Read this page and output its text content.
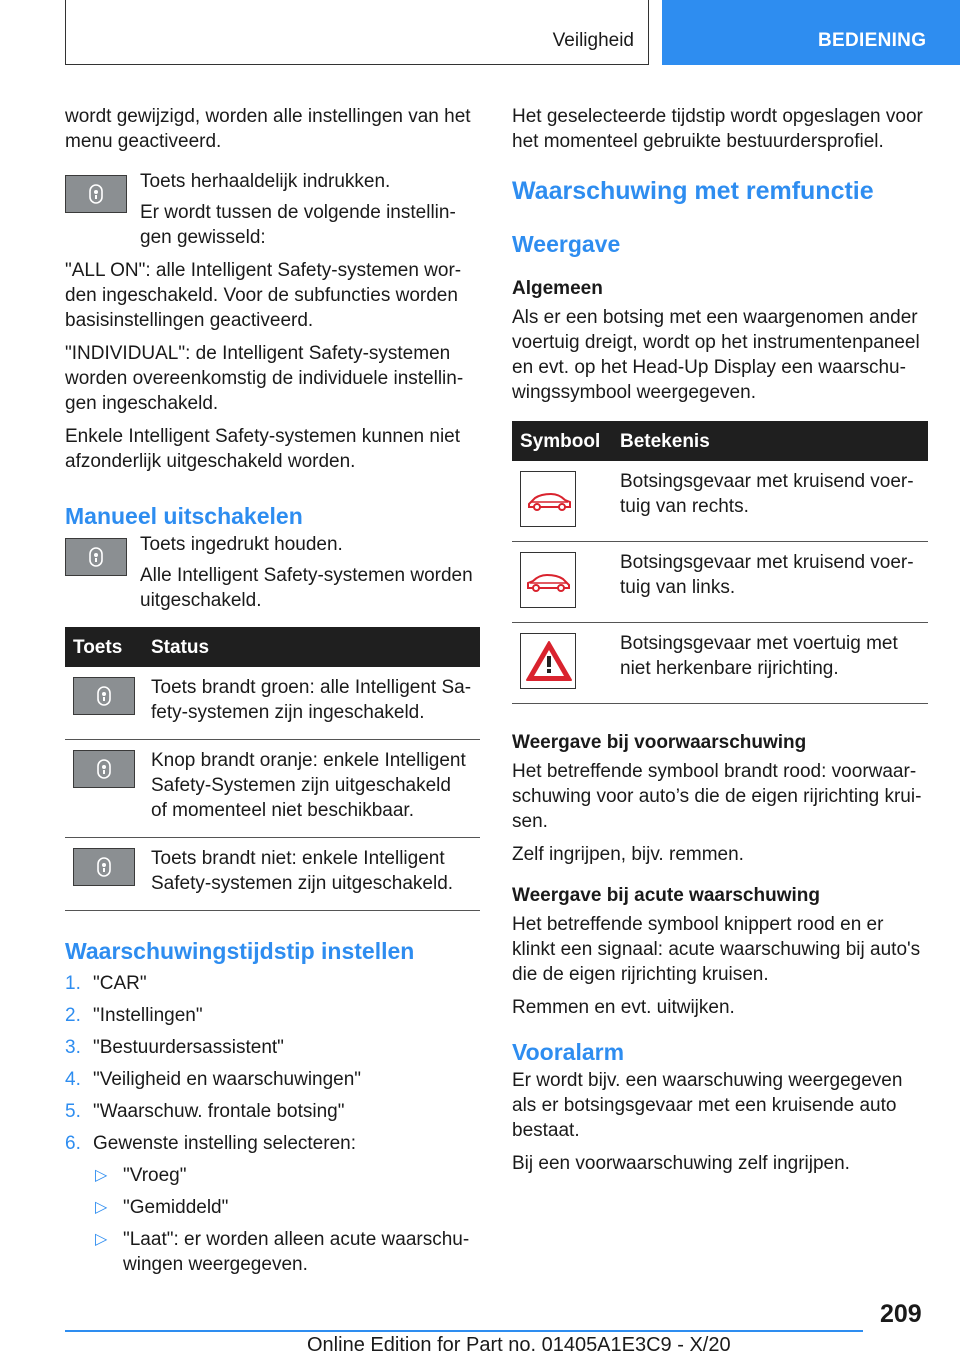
Veiligheid	BEDIENING

wordt gewijzigd, worden alle instellingen van het menu geactiveerd.

Toets herhaaldelijk indrukken.

Er wordt tussen de volgende instellingen gewisseld:

"ALL ON": alle Intelligent Safety-systemen worden ingeschakeld. Voor de subfuncties worden basisinstellingen geactiveerd.

"INDIVIDUAL": de Intelligent Safety-systemen worden overeenkomstig de individuele instellingen ingeschakeld.

Enkele Intelligent Safety-systemen kunnen niet afzonderlijk uitgeschakeld worden.

Manueel uitschakelen

Toets ingedrukt houden.

Alle Intelligent Safety-systemen worden uitgeschakeld.

Toets	Status

	Toets brandt groen: alle Intelligent Safety-systemen zijn ingeschakeld.

	Knop brandt oranje: enkele Intelligent Safety-Systemen zijn uitgeschakeld of momenteel niet beschikbaar.

	Toets brandt niet: enkele Intelligent Safety-systemen zijn uitgeschakeld.
Waarschuwingstijdstip instellen
1. "CAR"
2. "Instellingen"
3. "Bestuurdersassistent"
4. "Veiligheid en waarschuwingen"
5. "Waarschuw. frontale botsing"
6. Gewenste instelling selecteren:
▷ "Vroeg"
▷ "Gemiddeld"
▷ "Laat": er worden alleen acute waarschuwingen weergegeven.

Het geselecteerde tijdstip wordt opgeslagen voor het momenteel gebruikte bestuurdersprofiel.

Waarschuwing met remfunctie
Weergave
Algemeen

Als er een botsing met een waargenomen ander voertuig dreigt, wordt op het instrumentenpaneel en evt. op het Head-Up Display een waarschuwingssymbool weergegeven.

Symbool	Betekenis

	Botsingsgevaar met kruisend voertuig van rechts.

	Botsingsgevaar met kruisend voertuig van links.

	Botsingsgevaar met voertuig met niet herkenbare rijrichting.
Weergave bij voorwaarschuwing

Het betreffende symbool brandt rood: voorwaarschuwing voor auto’s die de eigen rijrichting kruisen.

Zelf ingrijpen, bijv. remmen.

Weergave bij acute waarschuwing

Het betreffende symbool knippert rood en er klinkt een signaal: acute waarschuwing bij auto's die de eigen rijrichting kruisen.

Remmen en evt. uitwijken.

Vooralarm

Er wordt bijv. een waarschuwing weergegeven als er botsingsgevaar met een kruisende auto bestaat.

Bij een voorwaarschuwing zelf ingrijpen.

209
Online Edition for Part no. 01405A1E3C9 - X/20
